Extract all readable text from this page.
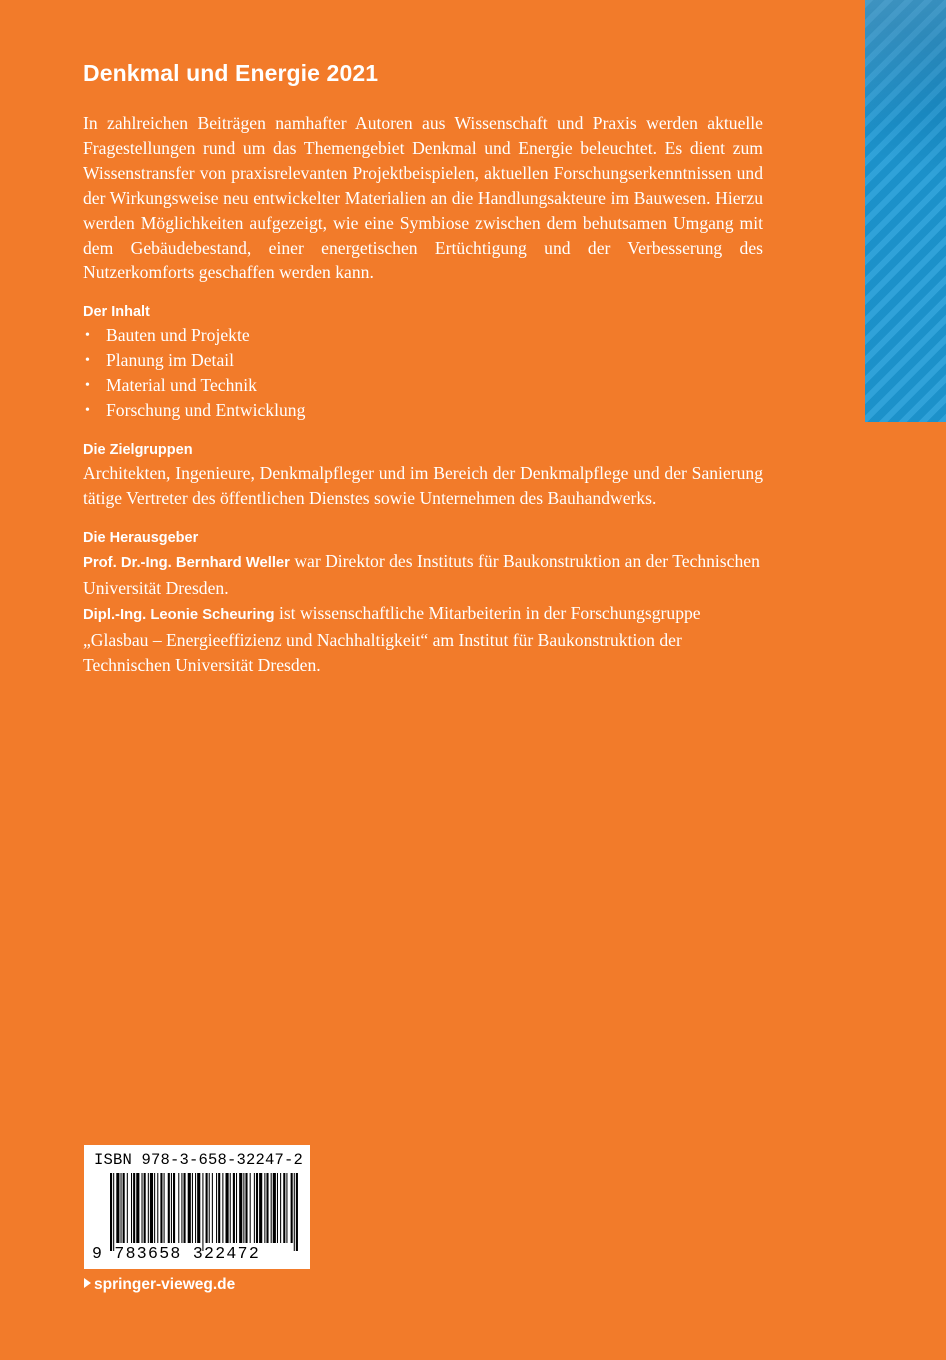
Denkmal und Energie 2021

In zahlreichen Beiträgen namhafter Autoren aus Wissenschaft und Praxis werden aktuelle Fragestellungen rund um das Themengebiet Denkmal und Energie beleuchtet. Es dient zum Wissenstransfer von praxisrelevanten Projektbeispielen, aktuellen Forschungserkenntnissen und der Wirkungsweise neu entwickelter Materialien an die Handlungsakteure im Bauwesen. Hierzu werden Möglichkeiten aufgezeigt, wie eine Symbiose zwischen dem behutsamen Umgang mit dem Gebäudebestand, einer energetischen Ertüchtigung und der Verbesserung des Nutzerkomforts geschaffen werden kann.

Der Inhalt

• Bauten und Projekte
• Planung im Detail
• Material und Technik
• Forschung und Entwicklung

Die Zielgruppen

Architekten, Ingenieure, Denkmalpfleger und im Bereich der Denkmalpflege und der Sanierung tätige Vertreter des öffentlichen Dienstes sowie Unternehmen des Bauhandwerks.

Die Herausgeber

Prof. Dr.-Ing. Bernhard Weller war Direktor des Instituts für Baukonstruktion an der Technischen Universität Dresden.

Dipl.-Ing. Leonie Scheuring ist wissenschaftliche Mitarbeiterin in der Forschungsgruppe „Glasbau – Energieeffizienz und Nachhaltigkeit“ am Institut für Baukonstruktion der Technischen Universität Dresden.

ISBN 978-3-658-32247-2
9 783658 322472
springer-vieweg.de
